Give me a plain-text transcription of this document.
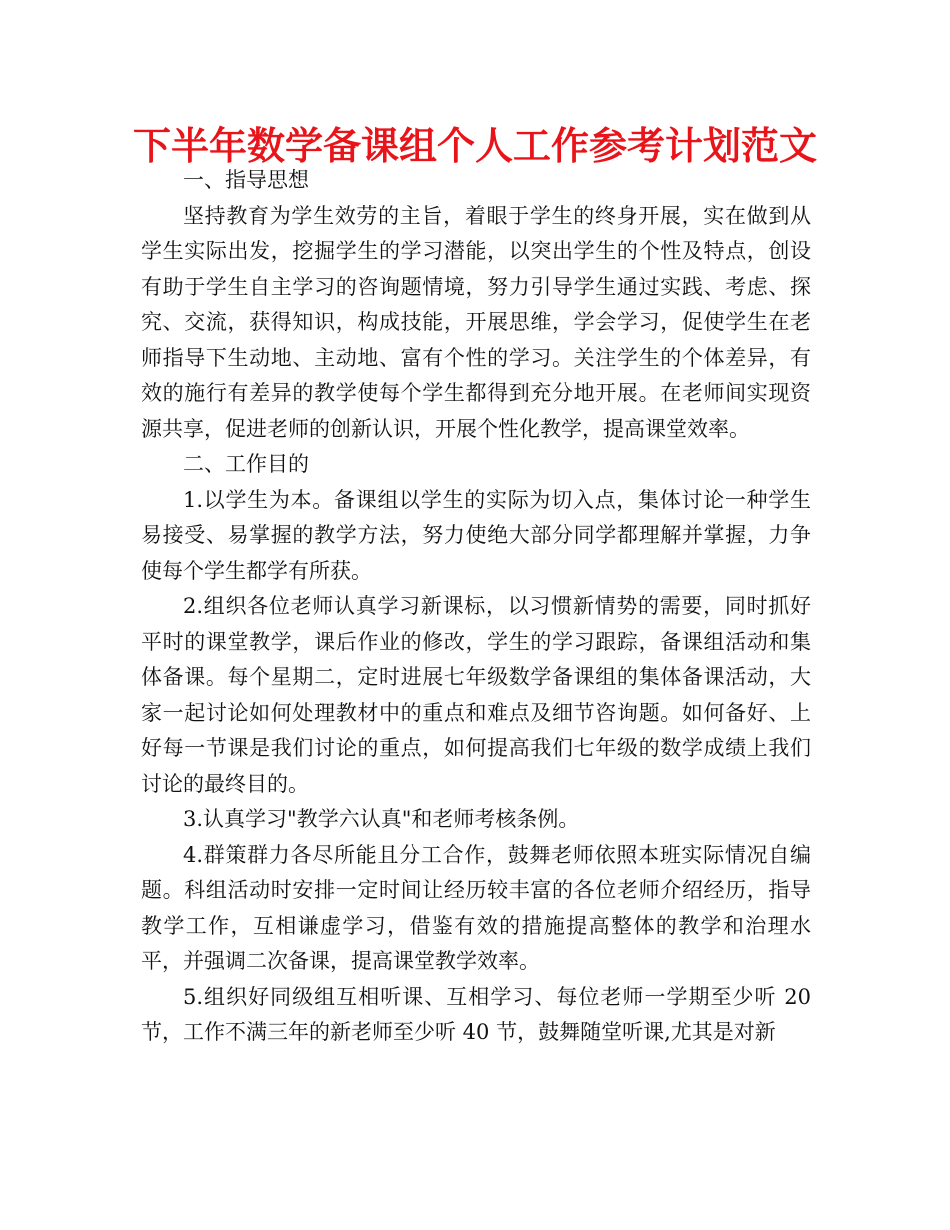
下半年数学备课组个人工作参考计划范文

一、指导思想

坚持教育为学生效劳的主旨，着眼于学生的终身开展，实在做到从学生实际出发，挖掘学生的学习潜能，以突出学生的个性及特点，创设有助于学生自主学习的咨询题情境，努力引导学生通过实践、考虑、探究、交流，获得知识，构成技能，开展思维，学会学习，促使学生在老师指导下生动地、主动地、富有个性的学习。关注学生的个体差异，有效的施行有差异的教学使每个学生都得到充分地开展。在老师间实现资源共享，促进老师的创新认识，开展个性化教学，提高课堂效率。

二、工作目的

1.以学生为本。备课组以学生的实际为切入点，集体讨论一种学生易接受、易掌握的教学方法，努力使绝大部分同学都理解并掌握，力争使每个学生都学有所获。

2.组织各位老师认真学习新课标，以习惯新情势的需要，同时抓好平时的课堂教学，课后作业的修改，学生的学习跟踪，备课组活动和集体备课。每个星期二，定时进展七年级数学备课组的集体备课活动，大家一起讨论如何处理教材中的重点和难点及细节咨询题。如何备好、上好每一节课是我们讨论的重点，如何提高我们七年级的数学成绩上我们讨论的最终目的。

3.认真学习"教学六认真"和老师考核条例。

4.群策群力各尽所能且分工合作，鼓舞老师依照本班实际情况自编题。科组活动时安排一定时间让经历较丰富的各位老师介绍经历，指导教学工作，互相谦虚学习，借鉴有效的措施提高整体的教学和治理水平，并强调二次备课，提高课堂教学效率。

5.组织好同级组互相听课、互相学习、每位老师一学期至少听 20 节，工作不满三年的新老师至少听 40 节，鼓舞随堂听课,尤其是对新
